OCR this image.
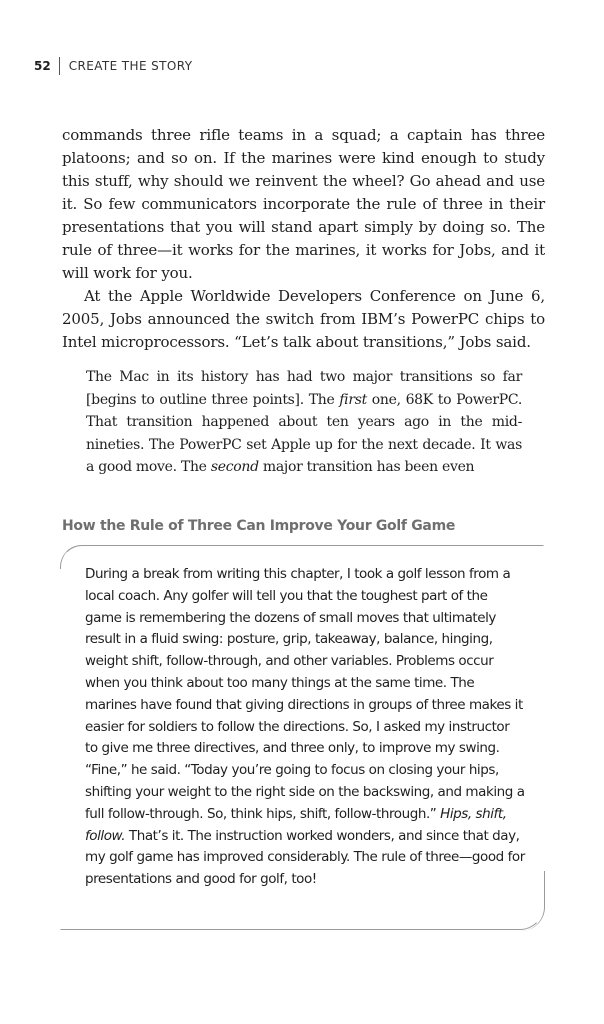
52 CREATE THE STORY

commands three rifle teams in a squad; a captain has three platoons; and so on. If the marines were kind enough to study this stuff, why should we reinvent the wheel? Go ahead and use it. So few communicators incorporate the rule of three in their presentations that you will stand apart simply by doing so. The rule of three—it works for the marines, it works for Jobs, and it will work for you.

At the Apple Worldwide Developers Conference on June 6, 2005, Jobs announced the switch from IBM’s PowerPC chips to Intel microprocessors. “Let’s talk about transitions,” Jobs said.

The Mac in its history has had two major transitions so far [begins to outline three points]. The first one, 68K to PowerPC. That transition happened about ten years ago in the mid-nineties. The PowerPC set Apple up for the next decade. It was a good move. The second major transition has been even

How the Rule of Three Can Improve Your Golf Game

During a break from writing this chapter, I took a golf lesson from a local coach. Any golfer will tell you that the toughest part of the game is remembering the dozens of small moves that ultimately result in a fluid swing: posture, grip, takeaway, balance, hinging, weight shift, follow-through, and other variables. Problems occur when you think about too many things at the same time. The marines have found that giving directions in groups of three makes it easier for soldiers to follow the directions. So, I asked my instructor to give me three directives, and three only, to improve my swing. “Fine,” he said. “Today you’re going to focus on closing your hips, shifting your weight to the right side on the backswing, and making a full follow-through. So, think hips, shift, follow-through.” Hips, shift, follow. That’s it. The instruction worked wonders, and since that day, my golf game has improved considerably. The rule of three—good for presentations and good for golf, too!
